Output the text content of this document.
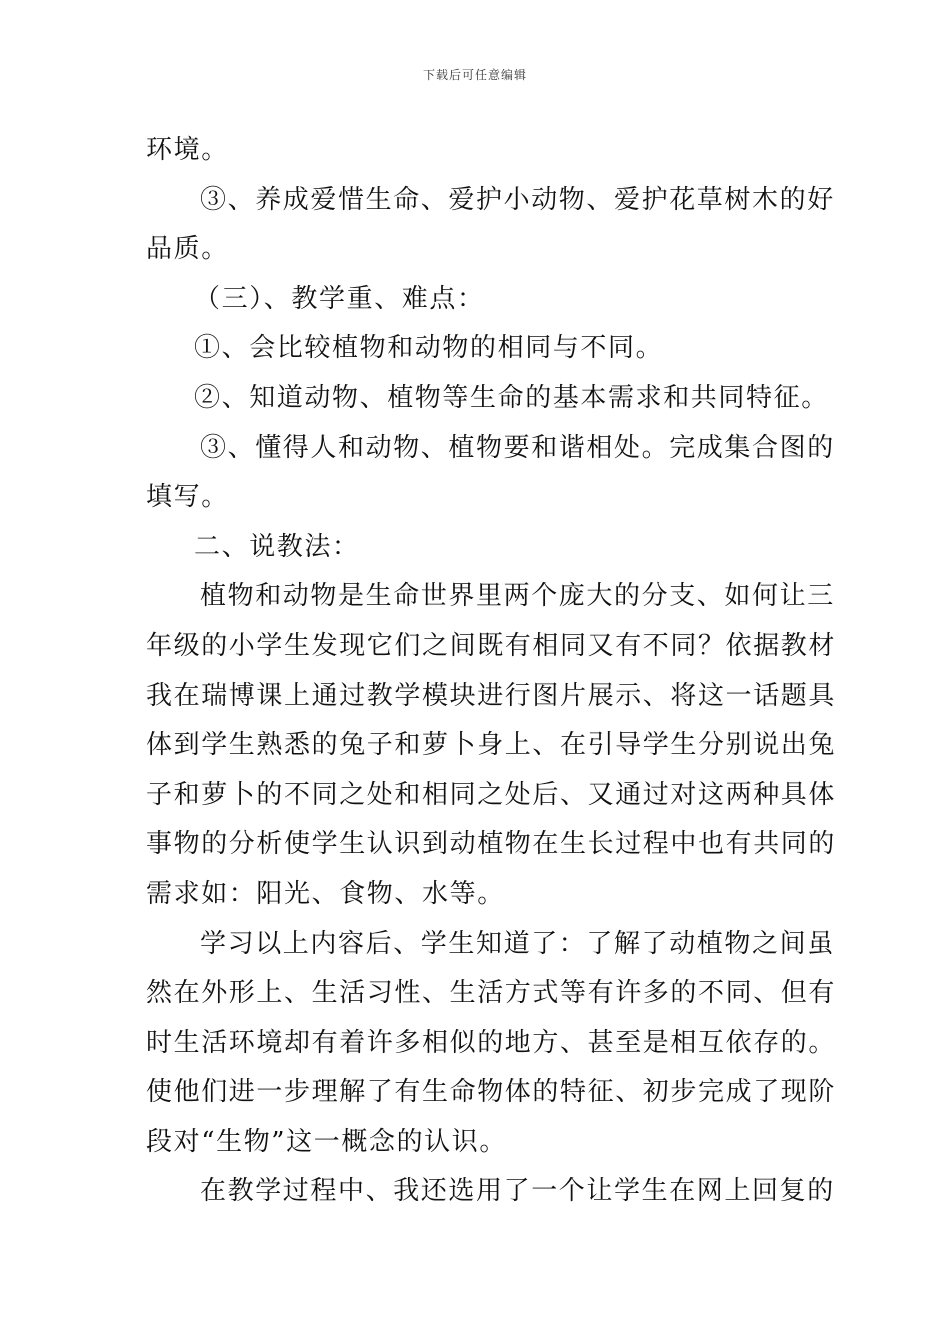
下载后可任意编辑
环境。
③、养成爱惜生命、爱护小动物、爱护花草树木的好
品质。
（三）、教学重、难点：
①、会比较植物和动物的相同与不同。
②、知道动物、植物等生命的基本需求和共同特征。
③、懂得人和动物、植物要和谐相处。完成集合图的
填写。
二、说教法：
植物和动物是生命世界里两个庞大的分支、如何让三
年级的小学生发现它们之间既有相同又有不同？依据教材
我在瑞博课上通过教学模块进行图片展示、将这一话题具
体到学生熟悉的兔子和萝卜身上、在引导学生分别说出兔
子和萝卜的不同之处和相同之处后、又通过对这两种具体
事物的分析使学生认识到动植物在生长过程中也有共同的
需求如：阳光、食物、水等。
学习以上内容后、学生知道了：了解了动植物之间虽
然在外形上、生活习性、生活方式等有许多的不同、但有
时生活环境却有着许多相似的地方、甚至是相互依存的。
使他们进一步理解了有生命物体的特征、初步完成了现阶
段对“生物”这一概念的认识。
在教学过程中、我还选用了一个让学生在网上回复的
